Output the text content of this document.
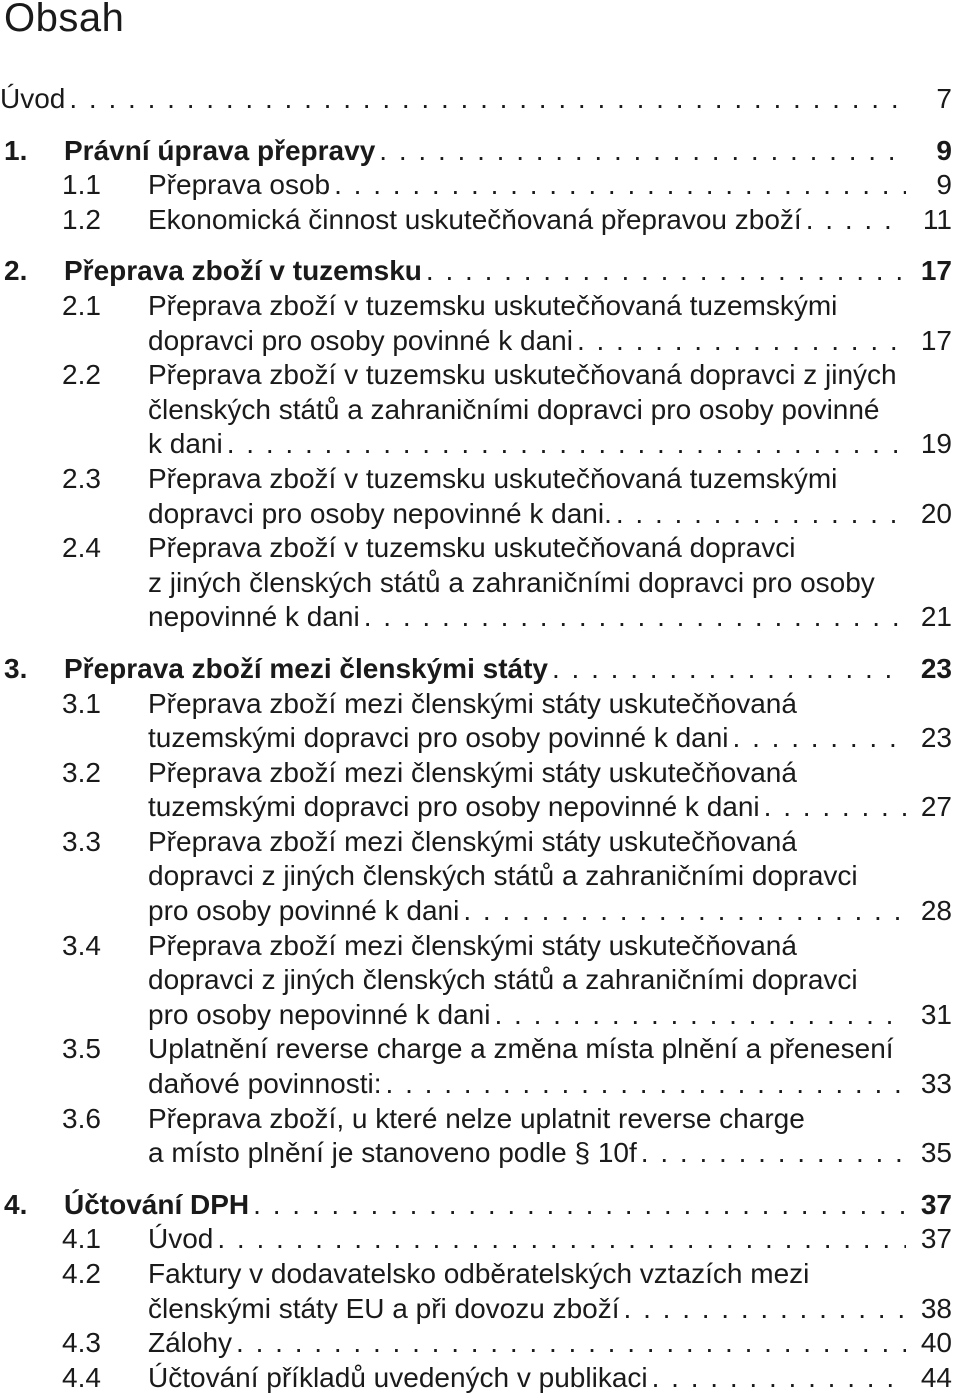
Obsah
Úvod . . .	7
1.	Právní úprava přepravy . . .	9
1.1	Přeprava osob . . .	9
1.2	Ekonomická činnost uskutečňovaná přepravou zboží . . .	11
2.	Přeprava zboží v tuzemsku . . .	17
2.1	Přeprava zboží v tuzemsku uskutečňovaná tuzemskými
dopravci pro osoby povinné k dani . . .	17
2.2	Přeprava zboží v tuzemsku uskutečňovaná dopravci z jiných
členských států a zahraničními dopravci pro osoby povinné
k dani . . .	19
2.3	Přeprava zboží v tuzemsku uskutečňovaná tuzemskými
dopravci pro osoby nepovinné k dani. . . .	20
2.4	Přeprava zboží v tuzemsku uskutečňovaná dopravci
z jiných členských států a zahraničními dopravci pro osoby
nepovinné k dani . . .	21
3.	Přeprava zboží mezi členskými státy . . .	23
3.1	Přeprava zboží mezi členskými státy uskutečňovaná
tuzemskými dopravci pro osoby povinné k dani . . .	23
3.2	Přeprava zboží mezi členskými státy uskutečňovaná
tuzemskými dopravci pro osoby nepovinné k dani . . .	27
3.3	Přeprava zboží mezi členskými státy uskutečňovaná
dopravci z jiných členských států a zahraničními dopravci
pro osoby povinné k dani . . .	28
3.4	Přeprava zboží mezi členskými státy uskutečňovaná
dopravci z jiných členských států a zahraničními dopravci
pro osoby nepovinné k dani . . .	31
3.5	Uplatnění reverse charge a změna místa plnění a přenesení
daňové povinnosti: . . .	33
3.6	Přeprava zboží, u které nelze uplatnit reverse charge
a místo plnění je stanoveno podle § 10f . . .	35
4.	Účtování DPH . . .	37
4.1	Úvod . . .	37
4.2	Faktury v dodavatelsko odběratelských vztazích mezi
členskými státy EU a při dovozu zboží . . .	38
4.3	Zálohy . . .	40
4.4	Účtování příkladů uvedených v publikaci . . .	44
